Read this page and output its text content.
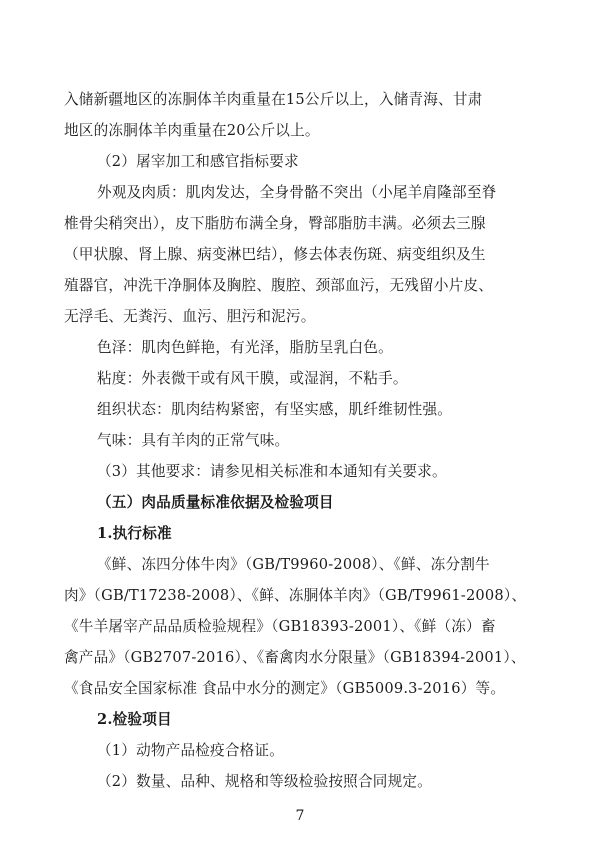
入储新疆地区的冻胴体羊肉重量在15公斤以上，入储青海、甘肃
地区的冻胴体羊肉重量在20公斤以上。
（2）屠宰加工和感官指标要求
外观及肉质：肌肉发达，全身骨骼不突出（小尾羊肩隆部至脊
椎骨尖稍突出），皮下脂肪布满全身，臀部脂肪丰满。必须去三腺
（甲状腺、肾上腺、病变淋巴结），修去体表伤斑、病变组织及生
殖器官，冲洗干净胴体及胸腔、腹腔、颈部血污，无残留小片皮、
无浮毛、无粪污、血污、胆污和泥污。
色泽：肌肉色鲜艳，有光泽，脂肪呈乳白色。
粘度：外表微干或有风干膜，或湿润，不粘手。
组织状态：肌肉结构紧密，有坚实感，肌纤维韧性强。
气味：具有羊肉的正常气味。
（3）其他要求：请参见相关标准和本通知有关要求。
（五）肉品质量标准依据及检验项目
1.执行标准
《鲜、冻四分体牛肉》（GB/T9960-2008）、《鲜、冻分割牛
肉》（GB/T17238-2008）、《鲜、冻胴体羊肉》（GB/T9961-2008）、
《牛羊屠宰产品品质检验规程》（GB18393-2001）、《鲜（冻）畜
禽产品》（GB2707-2016）、《畜禽肉水分限量》（GB18394-2001）、
《食品安全国家标准 食品中水分的测定》（GB5009.3-2016）等。
2.检验项目
（1）动物产品检疫合格证。
（2）数量、品种、规格和等级检验按照合同规定。
7
